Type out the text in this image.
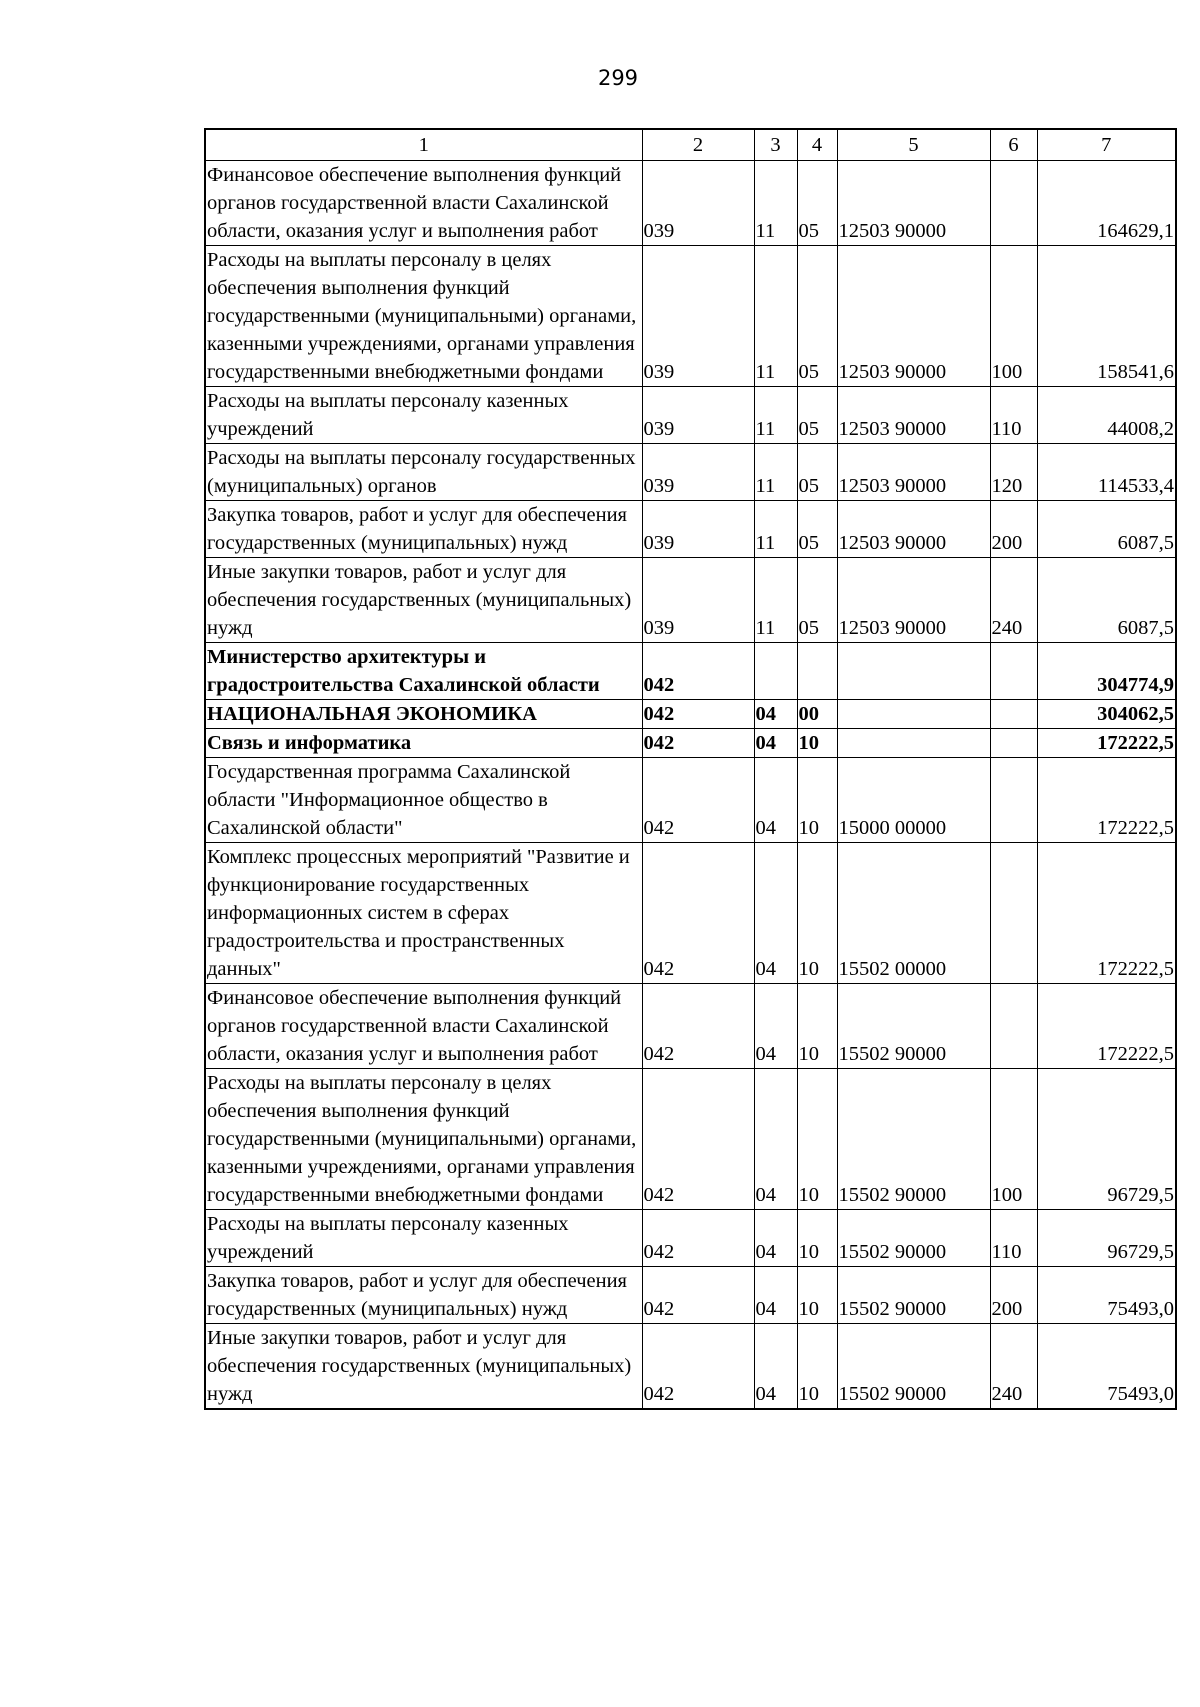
299
1	2	3	4	5	6	7
Финансовое обеспечение выполнения функций органов государственной власти Сахалинской области, оказания услуг и выполнения работ	039	11	05	12503 90000		164629,1
Расходы на выплаты персоналу в целях обеспечения выполнения функций государственными (муниципальными) органами, казенными учреждениями, органами управления государственными внебюджетными фондами	039	11	05	12503 90000	100	158541,6
Расходы на выплаты персоналу казенных учреждений	039	11	05	12503 90000	110	44008,2
Расходы на выплаты персоналу государственных (муниципальных) органов	039	11	05	12503 90000	120	114533,4
Закупка товаров, работ и услуг для обеспечения государственных (муниципальных) нужд	039	11	05	12503 90000	200	6087,5
Иные закупки товаров, работ и услуг для обеспечения государственных (муниципальных) нужд	039	11	05	12503 90000	240	6087,5
Министерство архитектуры и градостроительства Сахалинской области	042					304774,9
НАЦИОНАЛЬНАЯ ЭКОНОМИКА	042	04	00			304062,5
Связь и информатика	042	04	10			172222,5
Государственная программа Сахалинской области "Информационное общество в Сахалинской области"	042	04	10	15000 00000		172222,5
Комплекс процессных мероприятий "Развитие и функционирование государственных информационных систем в сферах градостроительства и пространственных данных"	042	04	10	15502 00000		172222,5
Финансовое обеспечение выполнения функций органов государственной власти Сахалинской области, оказания услуг и выполнения работ	042	04	10	15502 90000		172222,5
Расходы на выплаты персоналу в целях обеспечения выполнения функций государственными (муниципальными) органами, казенными учреждениями, органами управления государственными внебюджетными фондами	042	04	10	15502 90000	100	96729,5
Расходы на выплаты персоналу казенных учреждений	042	04	10	15502 90000	110	96729,5
Закупка товаров, работ и услуг для обеспечения государственных (муниципальных) нужд	042	04	10	15502 90000	200	75493,0
Иные закупки товаров, работ и услуг для обеспечения государственных (муниципальных) нужд	042	04	10	15502 90000	240	75493,0
